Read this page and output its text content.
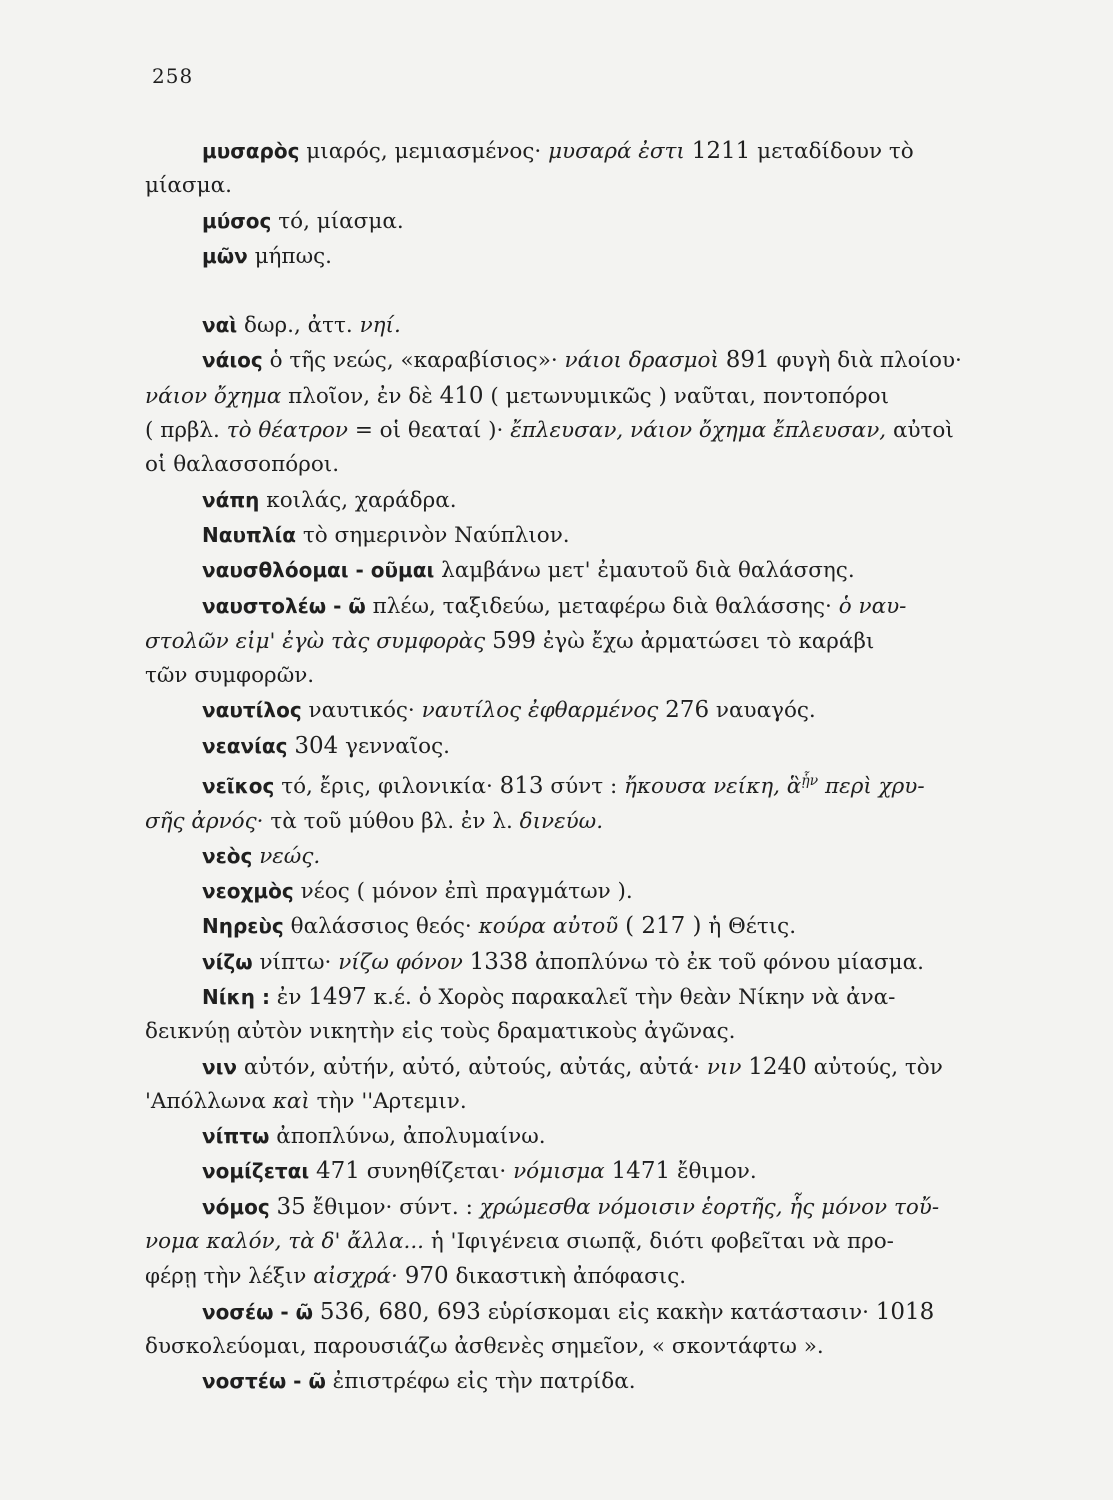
258

μυσαρὸς μιαρός, μεμιασμένος· μυσαρά ἐστι 1211 μεταδίδουν τὸ
μίασμα.

μύσος τό, μίασμα.

μῶν μήπως.

ναὶ δωρ., ἀττ. νηί.

νάιος ὁ τῆς νεώς, «καραβίσιος»· νάιοι δρασμοὶ 891 φυγὴ διὰ πλοίου·
νάιον ὄχημα πλοῖον, ἐν δὲ 410 ( μετωνυμικῶς ) ναῦται, ποντοπόροι
( πρβλ. τὸ θέατρον = οἱ θεαταί )· ἔπλευσαν, νάιον ὄχημα ἔπλευσαν, αὐτοὶ
οἱ θαλασσοπόροι.

νάπη κοιλάς, χαράδρα.

Ναυπλία τὸ σημερινὸν Ναύπλιον.

ναυσθλόομαι - οῦμαι λαμβάνω μετ' ἐμαυτοῦ διὰ θαλάσσης.

ναυστολέω - ῶ πλέω, ταξιδεύω, μεταφέρω διὰ θαλάσσης· ὁ ναυ-
στολῶν εἰμ' ἐγὼ τὰς συμφορὰς 599 ἐγὼ ἔχω ἀρματώσει τὸ καράβι
τῶν συμφορῶν.

ναυτίλος ναυτικός· ναυτίλος ἐφθαρμένος 276 ναυαγός.

νεανίας 304 γενναῖος.

νεῖκος τό, ἔρις, φιλονικία· 813 σύντ : ἤκουσα νείκη, ἃ$^{ᾗ\nu}$ περὶ χρυ-
σῆς ἀρνός· τὰ τοῦ μύθου βλ. ἐν λ. δινεύω.

νεὸς νεώς.

νεοχμὸς νέος ( μόνον ἐπὶ πραγμάτων ).

Νηρεὺς θαλάσσιος θεός· κούρα αὐτοῦ ( 217 ) ἡ Θέτις.

νίζω νίπτω· νίζω φόνον 1338 ἀποπλύνω τὸ ἐκ τοῦ φόνου μίασμα.

Νίκη : ἐν 1497 κ.έ. ὁ Χορὸς παρακαλεῖ τὴν θεὰν Νίκην νὰ ἀνα-
δεικνύῃ αὐτὸν νικητὴν εἰς τοὺς δραματικοὺς ἀγῶνας.

νιν αὐτόν, αὐτήν, αὐτό, αὐτούς, αὐτάς, αὐτά· νιν 1240 αὐτούς, τὸν
'Απόλλωνα καὶ τὴν ''Αρτεμιν.

νίπτω ἀποπλύνω, ἀπολυμαίνω.

νομίζεται 471 συνηθίζεται· νόμισμα 1471 ἔθιμον.

νόμος 35 ἔθιμον· σύντ. : χρώμεσθα νόμοισιν ἑορτῆς, ἧς μόνον τοὔ-
νομα καλόν, τὰ δ' ἄλλα... ἡ 'Ιφιγένεια σιωπᾷ, διότι φοβεῖται νὰ προ-
φέρῃ τὴν λέξιν αἰσχρά· 970 δικαστικὴ ἀπόφασις.

νοσέω - ῶ 536, 680, 693 εὑρίσκομαι εἰς κακὴν κατάστασιν· 1018
δυσκολεύομαι, παρουσιάζω ἀσθενὲς σημεῖον, « σκοντάφτω ».

νοστέω - ῶ ἐπιστρέφω εἰς τὴν πατρίδα.
